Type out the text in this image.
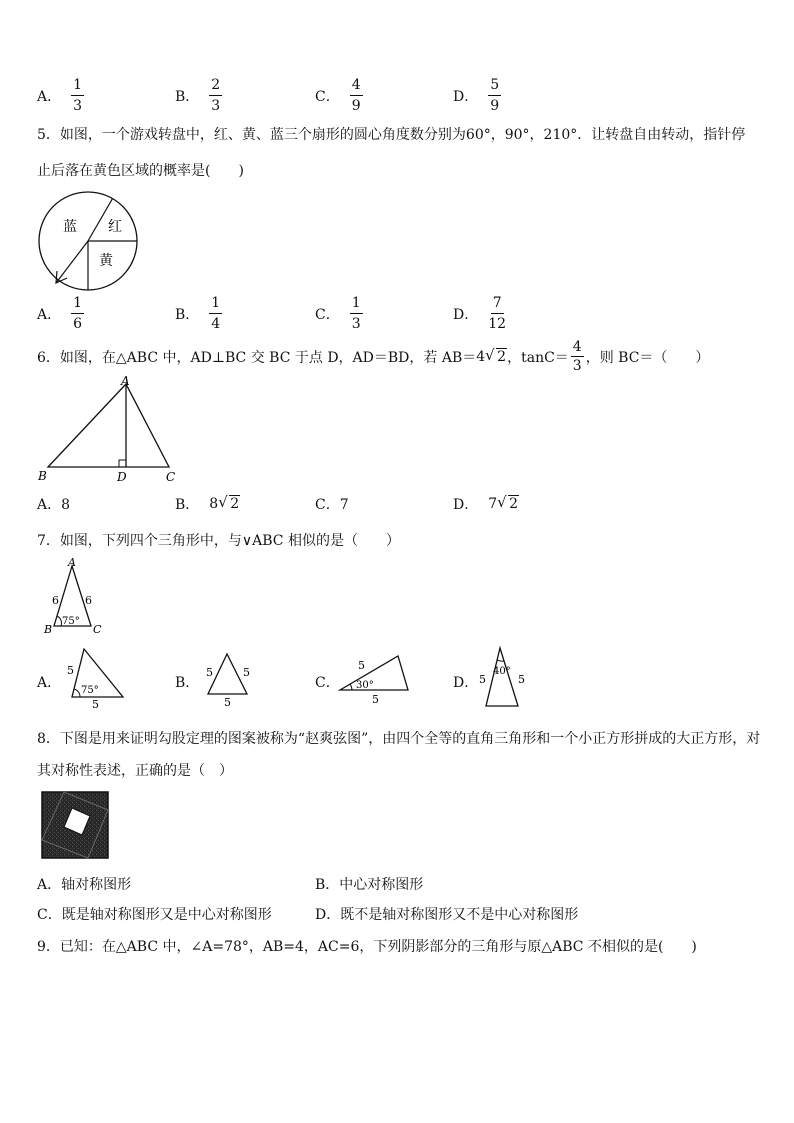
A． $\frac{1}{3}$	B． $\frac{2}{3}$	C． $\frac{4}{9}$	D． $\frac{5}{9}$
5．如图，一个游戏转盘中，红、黄、蓝三个扇形的圆心角度数分别为60°，90°，210°．让转盘自由转动，指针停
止后落在黄色区域的概率是(　　)
蓝 红
黄
A． $\frac{1}{6}$	B． $\frac{1}{4}$	C． $\frac{1}{3}$	D． $\frac{7}{12}$
6．如图，在△ABC 中，AD⊥BC 交 BC 于点 D，AD＝BD，若 AB＝ 4 √ 2 ，$\tan C= \frac{4}{3}$ ，则 BC＝（　　）
A
B	D	C
A．8	B． 8 √ 2	C．7	D． 7 √ 2
7．如图，下列四个三角形中，与∨ABC 相似的是（　　）
A
B	C
6 6
75°
A．
5
5
75°	B．
5	5
5
C．
5
5
30°	D． 5	5
40°
8．下图是用来证明勾股定理的图案被称为“赵爽弦图”，由四个全等的直角三角形和一个小正方形拼成的大正方形，对
其对称性表述，正确的是（　）
A．轴对称图形	B．中心对称图形
C．既是轴对称图形又是中心对称图形	D．既不是轴对称图形又不是中心对称图形
9．已知：在△ABC 中，∠A=78°，AB=4，AC=6，下列阴影部分的三角形与原△ABC 不相似的是(　　)
